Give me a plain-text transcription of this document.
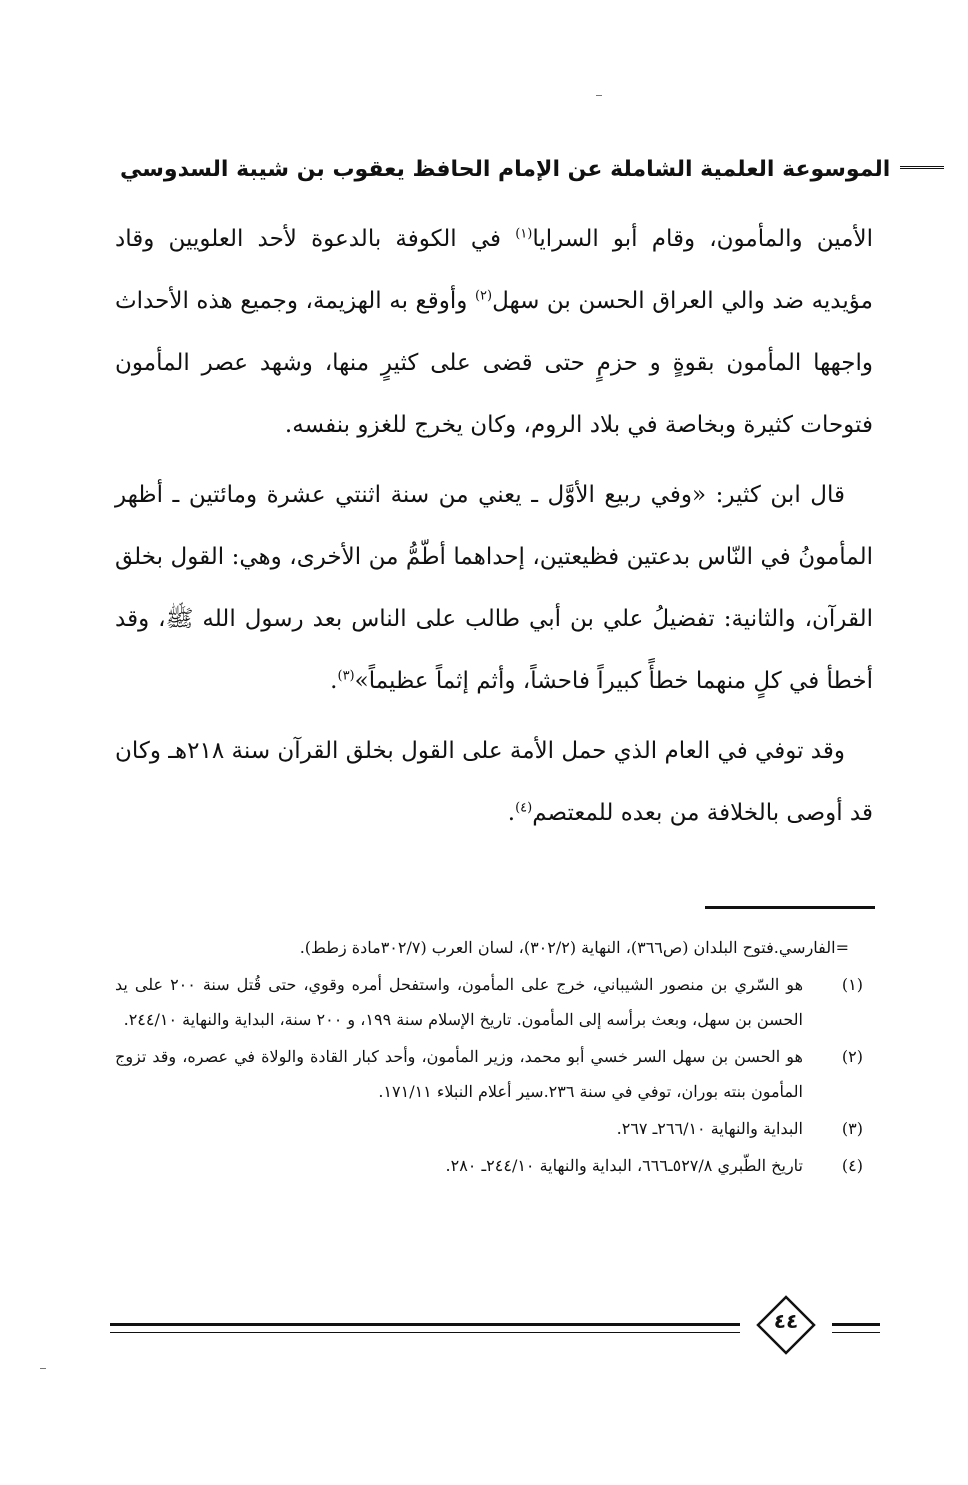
الموسوعة العلمية الشاملة عن الإمام الحافظ يعقوب بن شيبة السدوسي

الأمين والمأمون، وقام أبو السرايا$^{(١)}$ في الكوفة بالدعوة لأحد العلويين وقاد مؤيديه ضد والي العراق الحسن بن سهل$^{(٢)}$ وأوقع به الهزيمة، وجميع هذه الأحداث واجهها المأمون بقوةٍ و حزمٍ حتى قضى على كثيرٍ منها، وشهد عصر المأمون فتوحات كثيرة وبخاصة في بلاد الروم، وكان يخرج للغزو بنفسه.

قال ابن كثير: «وفي ربيع الأوَّل ـ يعني من سنة اثنتي عشرة ومائتين ـ أظهر المأمونُ في النّاس بدعتين فظيعتين، إحداهما أطّمُّ من الأخرى، وهي: القول بخلق القرآن، والثانية: تفضيلُ علي بن أبي طالب على الناس بعد رسول الله ﷺ، وقد أخطأ في كلٍ منهما خطأً كبيراً فاحشاً، وأثم إثماً عظيماً»$^{(٣)}$.

وقد توفي في العام الذي حمل الأمة على القول بخلق القرآن سنة ٢١٨هـ وكان قد أوصى بالخلافة من بعده للمعتصم$^{(٤)}$.

=الفارسي.فتوح البلدان (ص٣٦٦)، النهاية (٣٠٢/٢)، لسان العرب (٣٠٢/٧مادة زطط).
(١)
هو السّري بن منصور الشيباني، خرج على المأمون، واستفحل أمره وقوي، حتى قُتل سنة ٢٠٠ على يد الحسن بن سهل، وبعث برأسه إلى المأمون. تاريخ الإسلام سنة ١٩٩، و ٢٠٠ سنة، البداية والنهاية ٢٤٤/١٠.
(٢)
هو الحسن بن سهل السر خسي أبو محمد، وزير المأمون، وأحد كبار القادة والولاة في عصره، وقد تزوج المأمون بنته بوران، توفي في سنة ٢٣٦.سير أعلام النبلاء ١٧١/١١.
(٣)
البداية والنهاية ٢٦٦/١٠ـ ٢٦٧.
(٤)
تاريخ الطّبري ٥٢٧/٨ـ٦٦٦، البداية والنهاية ٢٤٤/١٠ـ ٢٨٠.
٤٤
